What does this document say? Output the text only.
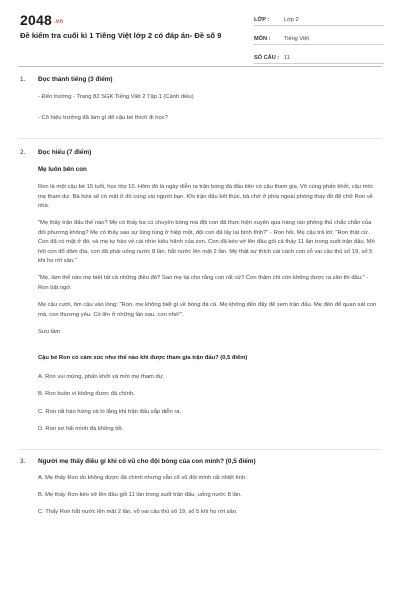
2048 .vn
Đề kiểm tra cuối kì 1 Tiếng Việt lớp 2 có đáp án- Đề số 9
LỚP :	Lớp 2
MÔN :	Tiếng Việt
SỐ CÂU : 11
1.	Đọc thành tiếng (3 điểm)
- Đến trường - Trang 82 SGK Tiếng Việt 2 Tập 1 (Cánh diều)
- Cô hiệu trưởng đã làm gì để cậu bé thích đi học?
2.	Đọc hiểu (7 điểm)
Mẹ luôn bên con
Ron là một cậu bé 15 tuổi, học lớp 10. Hôm đó là ngày diễn ra trận bóng đá đầu tiên có cậu tham gia. Vô cùng phấn khởi, cậu mời mẹ tham dự. Bà hứa sẽ có mặt ở đó cùng vài người bạn. Khi trận đấu kết thúc, bà chờ ở phía ngoài phòng thay đồ để chở Ron về nhà.
"Mẹ thấy trận đấu thế nào? Mẹ có thấy ba cú chuyền bóng mà đội con đã thực hiện xuyên qua hàng rào phòng thủ chắc chắn của đối phương không? Mẹ có thấy sau sự lúng túng ở hiệp một, đội con đã lấy lại bình tĩnh?" - Ron hỏi. Mẹ cậu trả lời: "Ron thật cừ. Con đã có mặt ở đó, và mẹ tự hào về cái nhìn kiêu hãnh của con. Con đã kéo vớ lên đầu gối cả thảy 11 lần trong suốt trận đấu. Mồ hôi con đổ đầm đìa, con đã phải uống nước 8 lần, hắt nước lên mặt 2 lần. Mẹ thật sự thích cái cách con vỗ vai cầu thủ số 19, số 5 khi họ rời sân."
"Mẹ, làm thế nào mẹ biết tất cả những điều đó? Sao mẹ lại cho rằng con rất cừ? Con thậm chí còn không được ra sân thi đấu." - Ron bật ngờ.
Mẹ cậu cười, ôm cậu vào lòng: "Ron, mẹ không biết gì về bóng đá cả. Mẹ không đến đây để xem trận đấu. Mẹ đến để quan sát con mà, con thương yêu. Có lẽn ở những lần sau, con nhé!".
Sưu tầm
Cậu bé Ron có cảm xúc như thế nào khi được tham gia trận đấu? (0,5 điểm)
A. Ron vui mừng, phấn khởi và mời mẹ tham dự.
B. Ron buồn vì không được đá chính.
C. Ron rất hào hứng và lo lắng khi trận đấu sắp diễn ra.
D. Ron sợ hãi mình đá không tốt.
3.	Người mẹ thấy điều gì khi cố vũ cho đội bóng của con mình? (0,5 điểm)
A. Mẹ thấy Ron dù không được đá chính nhưng vẫn cổ vũ đội mình rất nhiệt tình.
B. Mẹ thấy Ron kéo vớ lên đầu gối 11 lần trong suốt trận đấu, uống nước 8 lần.
C. Thấy Ron hắt nước lên mặt 2 lần, vỗ vai cầu thủ số 19, số 5 khi họ rời sân.
